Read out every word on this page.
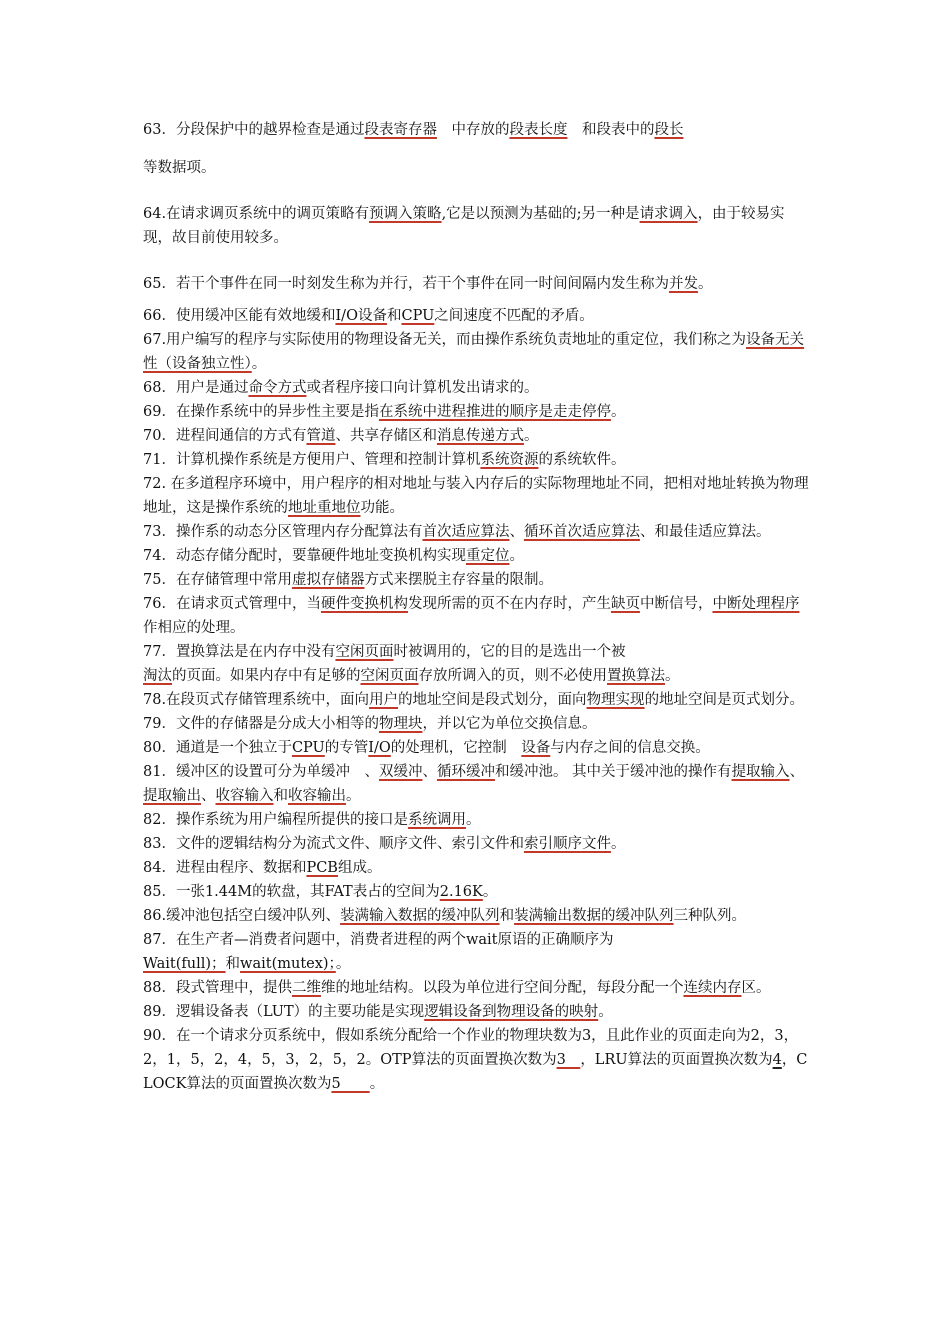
63．分段保护中的越界检查是通过段表寄存器　中存放的段表长度　和段表中的段长
等数据项。

64.在请求调页系统中的调页策略有预调入策略,它是以预测为基础的;另一种是请求调入，由于较易实现，故目前使用较多。

65．若干个事件在同一时刻发生称为并行，若干个事件在同一时间间隔内发生称为并发。

66．使用缓冲区能有效地缓和I/O设备和CPU之间速度不匹配的矛盾。

67.用户编写的程序与实际使用的物理设备无关，而由操作系统负责地址的重定位，我们称之为设备无关性（设备独立性）。

68．用户是通过命令方式或者程序接口向计算机发出请求的。

69．在操作系统中的异步性主要是指在系统中进程推进的顺序是走走停停。

70．进程间通信的方式有管道、共享存储区和消息传递方式。

71．计算机操作系统是方便用户、管理和控制计算机系统资源的系统软件。

72. 在多道程序环境中，用户程序的相对地址与装入内存后的实际物理地址不同，把相对地址转换为物理地址，这是操作系统的地址重地位功能。

73．操作系的动态分区管理内存分配算法有首次适应算法、循环首次适应算法、和最佳适应算法。

74．动态存储分配时，要靠硬件地址变换机构实现重定位。

75．在存储管理中常用虚拟存储器方式来摆脱主存容量的限制。

76．在请求页式管理中，当硬件变换机构发现所需的页不在内存时，产生缺页中断信号，中断处理程序作相应的处理。

77．置换算法是在内存中没有空闲页面时被调用的，它的目的是选出一个被
淘汰的页面。如果内存中有足够的空闲页面存放所调入的页，则不必使用置换算法。

78.在段页式存储管理系统中，面向用户的地址空间是段式划分，面向物理实现的地址空间是页式划分。

79．文件的存储器是分成大小相等的物理块，并以它为单位交换信息。

80．通道是一个独立于CPU的专管I/O的处理机，它控制　设备与内存之间的信息交换。

81．缓冲区的设置可分为单缓冲　、双缓冲、循环缓冲和缓冲池。 其中关于缓冲池的操作有提取输入、提取输出、收容输入和收容输出。

82．操作系统为用户编程所提供的接口是系统调用。

83．文件的逻辑结构分为流式文件、顺序文件、索引文件和索引顺序文件。

84．进程由程序、数据和PCB组成。

85．一张1.44M的软盘，其FAT表占的空间为2.16K。

86.缓冲池包括空白缓冲队列、装满输入数据的缓冲队列和装满输出数据的缓冲队列三种队列。

87．在生产者—消费者问题中，消费者进程的两个wait原语的正确顺序为
Wait(full)；和wait(mutex)；。

88．段式管理中，提供二维维的地址结构。以段为单位进行空间分配，每段分配一个连续内存区。

89．逻辑设备表（LUT）的主要功能是实现逻辑设备到物理设备的映射。

90．在一个请求分页系统中，假如系统分配给一个作业的物理块数为3，且此作业的页面走向为2，3，2，1，5，2，4，5，3，2，5，2。OTP算法的页面置换次数为3　，LRU算法的页面置换次数为4，CLOCK算法的页面置换次数为5　　。
